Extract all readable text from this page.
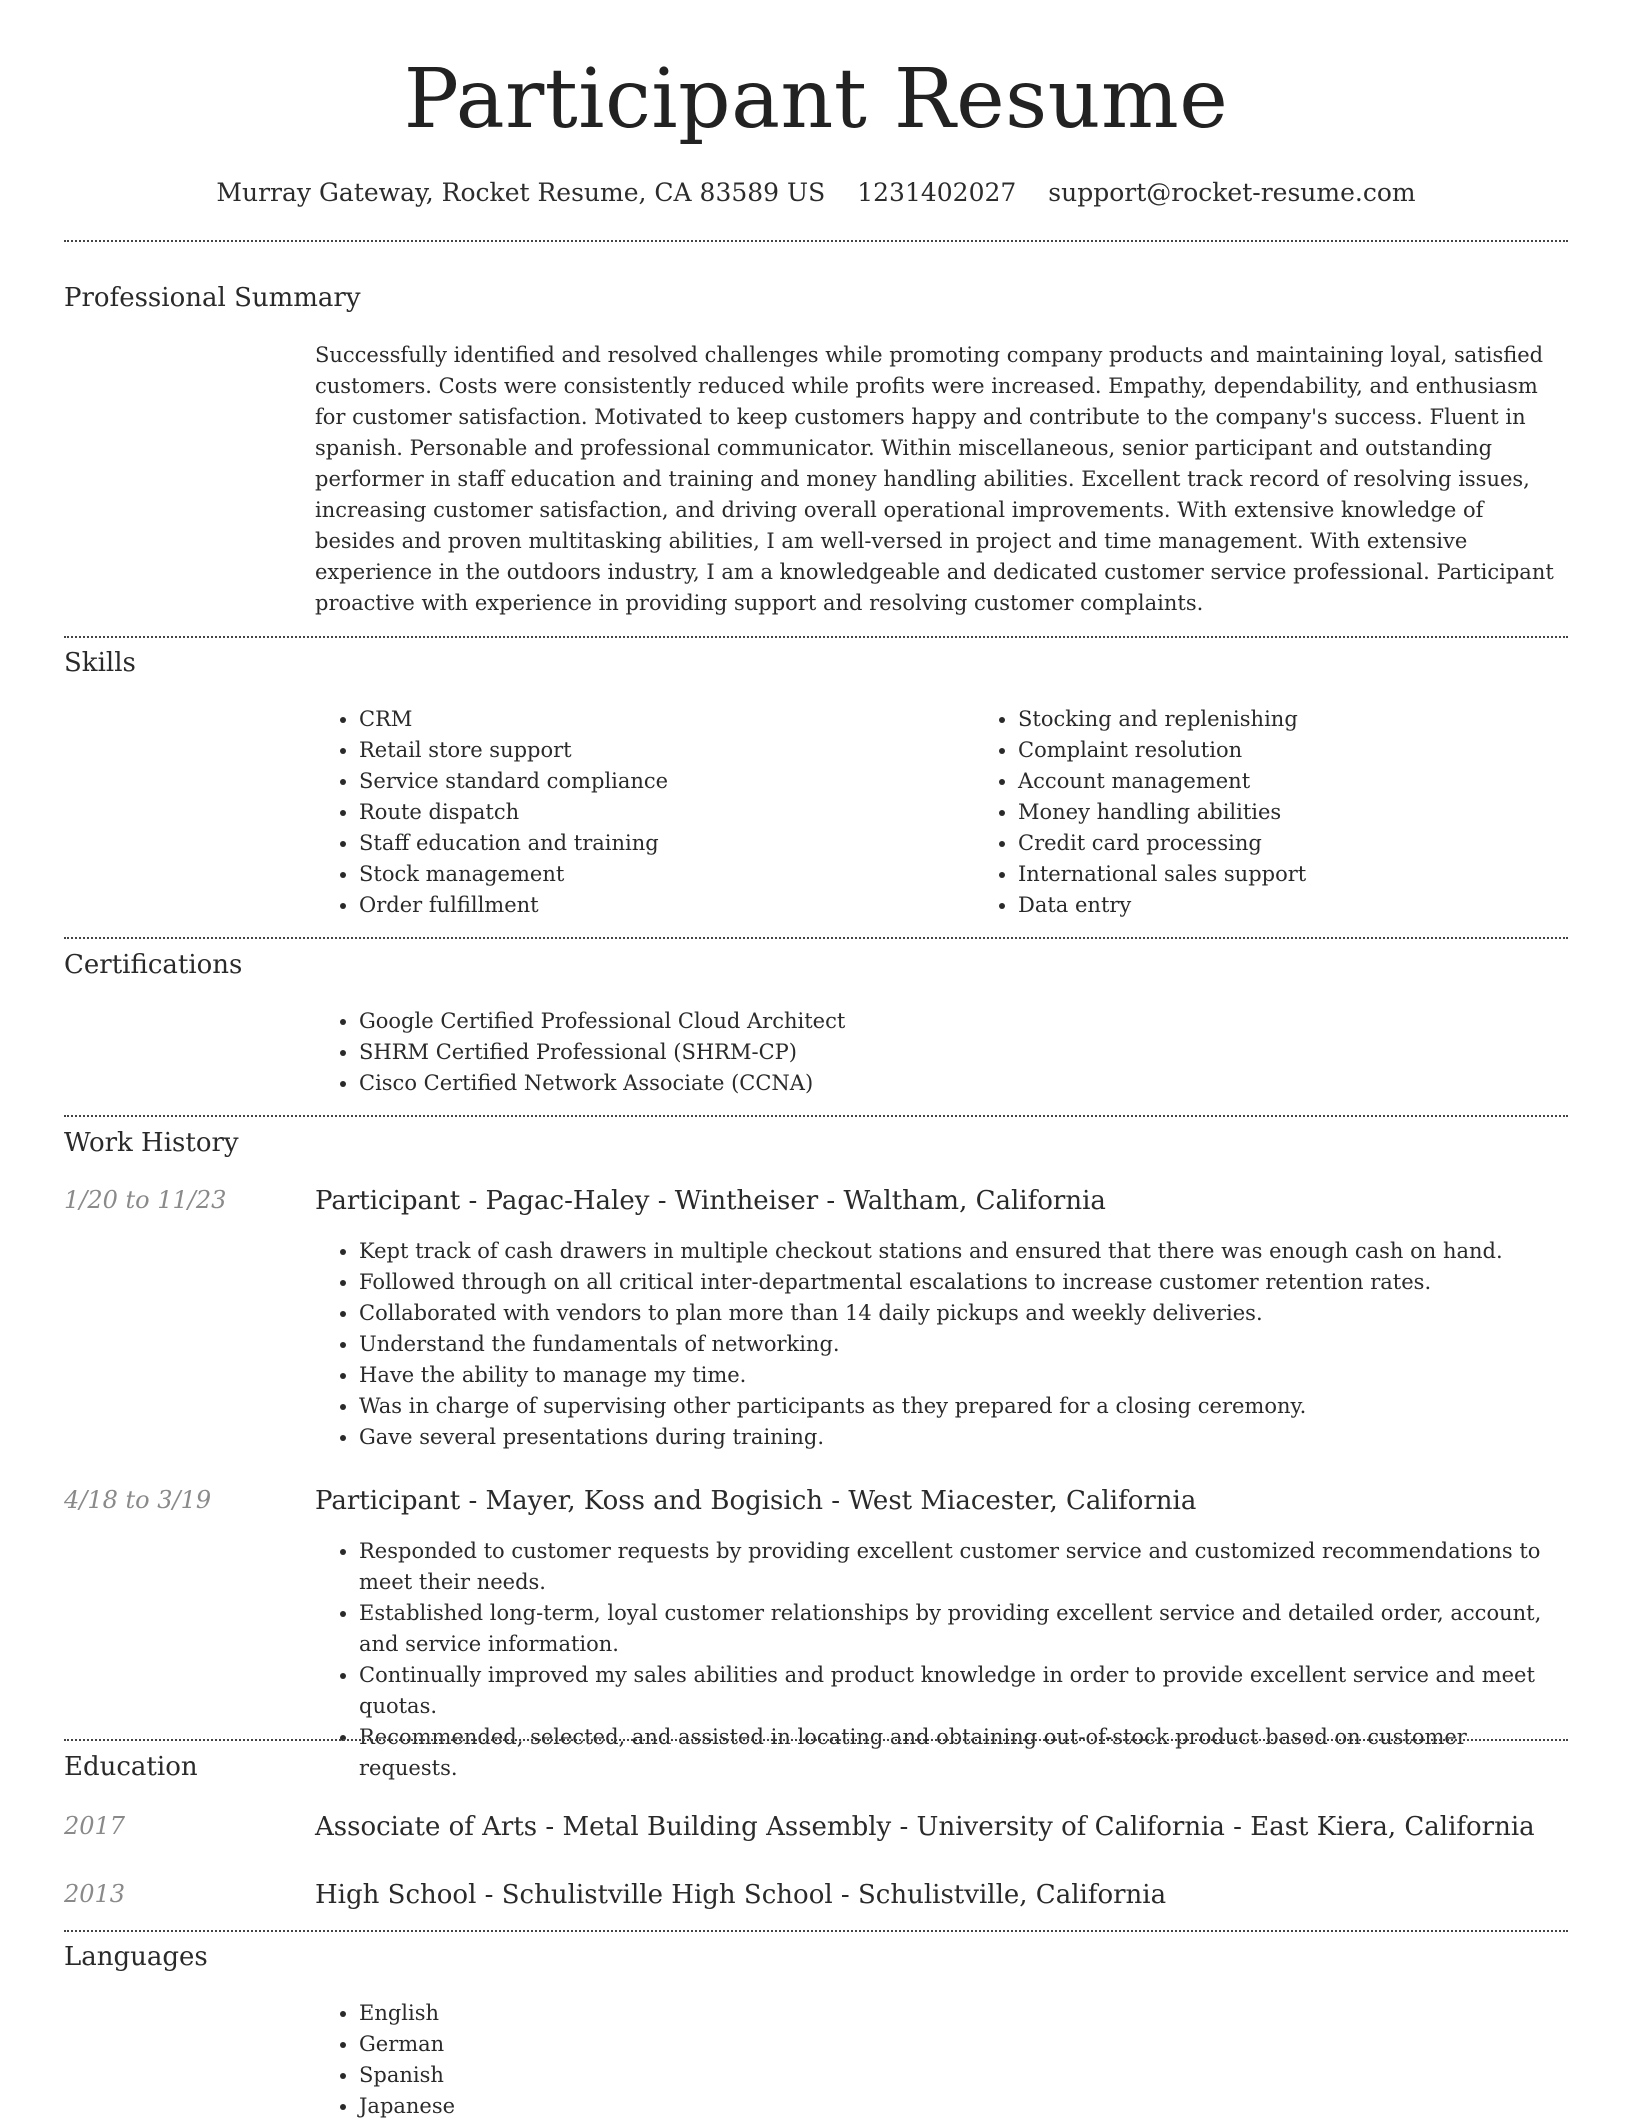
Participant Resume
Murray Gateway, Rocket Resume, CA 83589 US 1231402027 support@rocket-resume.com
Professional Summary

Successfully identified and resolved challenges while promoting company products and maintaining loyal, satisfied customers. Costs were consistently reduced while profits were increased. Empathy, dependability, and enthusiasm for customer satisfaction. Motivated to keep customers happy and contribute to the company's success. Fluent in spanish. Personable and professional communicator. Within miscellaneous, senior participant and outstanding performer in staff education and training and money handling abilities. Excellent track record of resolving issues, increasing customer satisfaction, and driving overall operational improvements. With extensive knowledge of besides and proven multitasking abilities, I am well-versed in project and time management. With extensive experience in the outdoors industry, I am a knowledgeable and dedicated customer service professional. Participant proactive with experience in providing support and resolving customer complaints.

Skills
• CRM
• Retail store support
• Service standard compliance
• Route dispatch
• Staff education and training
• Stock management
• Order fulfillment
• Stocking and replenishing
• Complaint resolution
• Account management
• Money handling abilities
• Credit card processing
• International sales support
• Data entry
Certifications
• Google Certified Professional Cloud Architect
• SHRM Certified Professional (SHRM-CP)
• Cisco Certified Network Associate (CCNA)
Work History
1/20 to 11/23	Participant - Pagac-Haley - Wintheiser - Waltham, California
• Kept track of cash drawers in multiple checkout stations and ensured that there was enough cash on hand.
• Followed through on all critical inter-departmental escalations to increase customer retention rates.
• Collaborated with vendors to plan more than 14 daily pickups and weekly deliveries.
• Understand the fundamentals of networking.
• Have the ability to manage my time.
• Was in charge of supervising other participants as they prepared for a closing ceremony.
• Gave several presentations during training.
4/18 to 3/19	Participant - Mayer, Koss and Bogisich - West Miacester, California
• Responded to customer requests by providing excellent customer service and customized recommendations to meet their needs.
• Established long-term, loyal customer relationships by providing excellent service and detailed order, account, and service information.
• Continually improved my sales abilities and product knowledge in order to provide excellent service and meet quotas.
• Recommended, selected, and assisted in locating and obtaining out-of-stock product based on customer requests.
Education
2017	Associate of Arts - Metal Building Assembly - University of California - East Kiera, California
2013	High School - Schulistville High School - Schulistville, California
Languages
• English
• German
• Spanish
• Japanese
